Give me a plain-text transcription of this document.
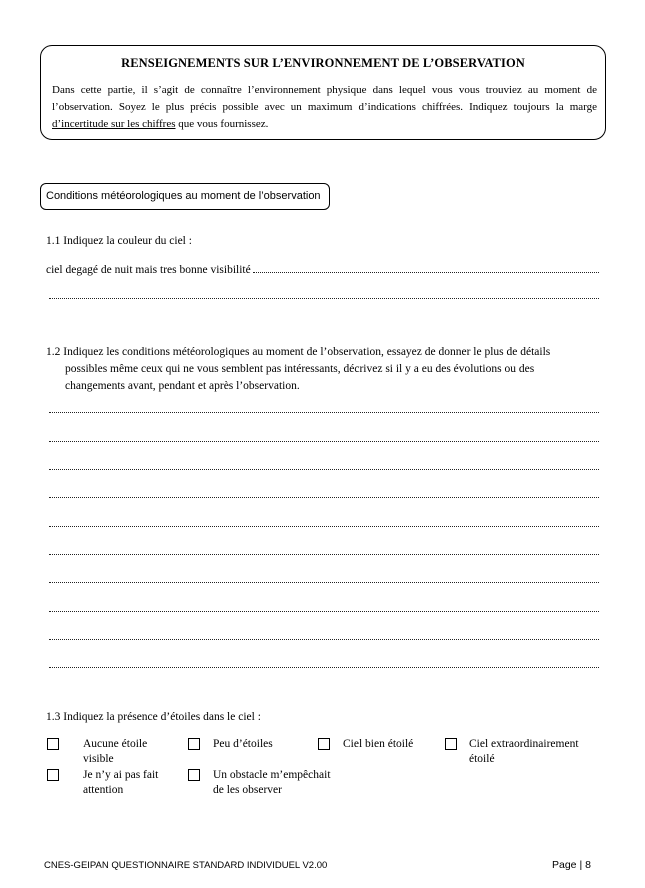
RENSEIGNEMENTS SUR L’ENVIRONNEMENT DE L’OBSERVATION
Dans cette partie, il s’agit de connaître l’environnement physique dans lequel vous vous trouviez au moment de l’observation. Soyez le plus précis possible avec un maximum d’indications chiffrées. Indiquez toujours la marge d’incertitude sur les chiffres que vous fournissez.
Conditions météorologiques au moment de l’observation
1.1 Indiquez la couleur du ciel :
ciel degagé de nuit mais tres bonne visibilité
1.2 Indiquez les conditions météorologiques au moment de l’observation, essayez de donner le plus de détails
possibles même ceux qui ne vous semblent pas intéressants, décrivez si il y a eu des évolutions ou des
changements avant, pendant et après l’observation.
1.3 Indiquez la présence d’étoiles dans le ciel :
Aucune étoile visible
Peu d’étoiles	Ciel bien étoilé	Ciel extraordinairement étoilé
Je n’y ai pas fait attention
Un obstacle m’empêchait de les observer
CNES-GEIPAN QUESTIONNAIRE STANDARD INDIVIDUEL V2.00	Page | 8
